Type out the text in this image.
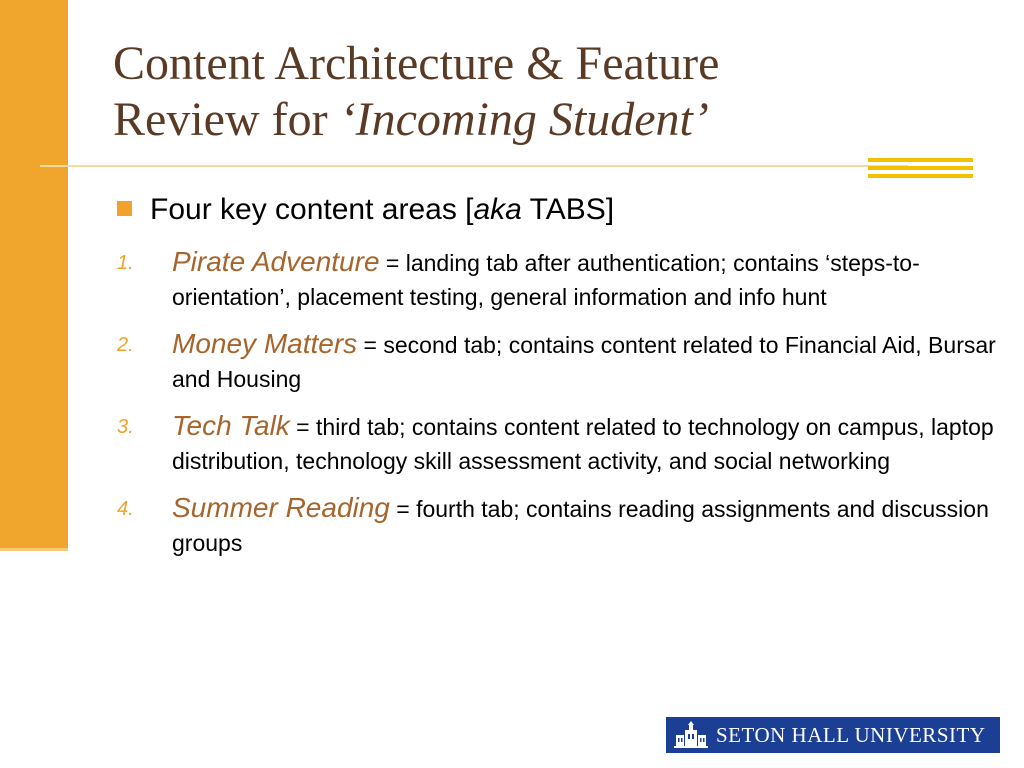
Content Architecture & Feature
Review for ‘Incoming Student’
Four key content areas [aka TABS]
1. Pirate Adventure = landing tab after authentication; contains ‘steps-to-orientation’, placement testing, general information and info hunt
2. Money Matters = second tab; contains content related to Financial Aid, Bursar and Housing
3. Tech Talk = third tab; contains content related to technology on campus, laptop distribution, technology skill assessment activity, and social networking
4. Summer Reading = fourth tab; contains reading assignments and discussion groups
SETON HALL UNIVERSITY
